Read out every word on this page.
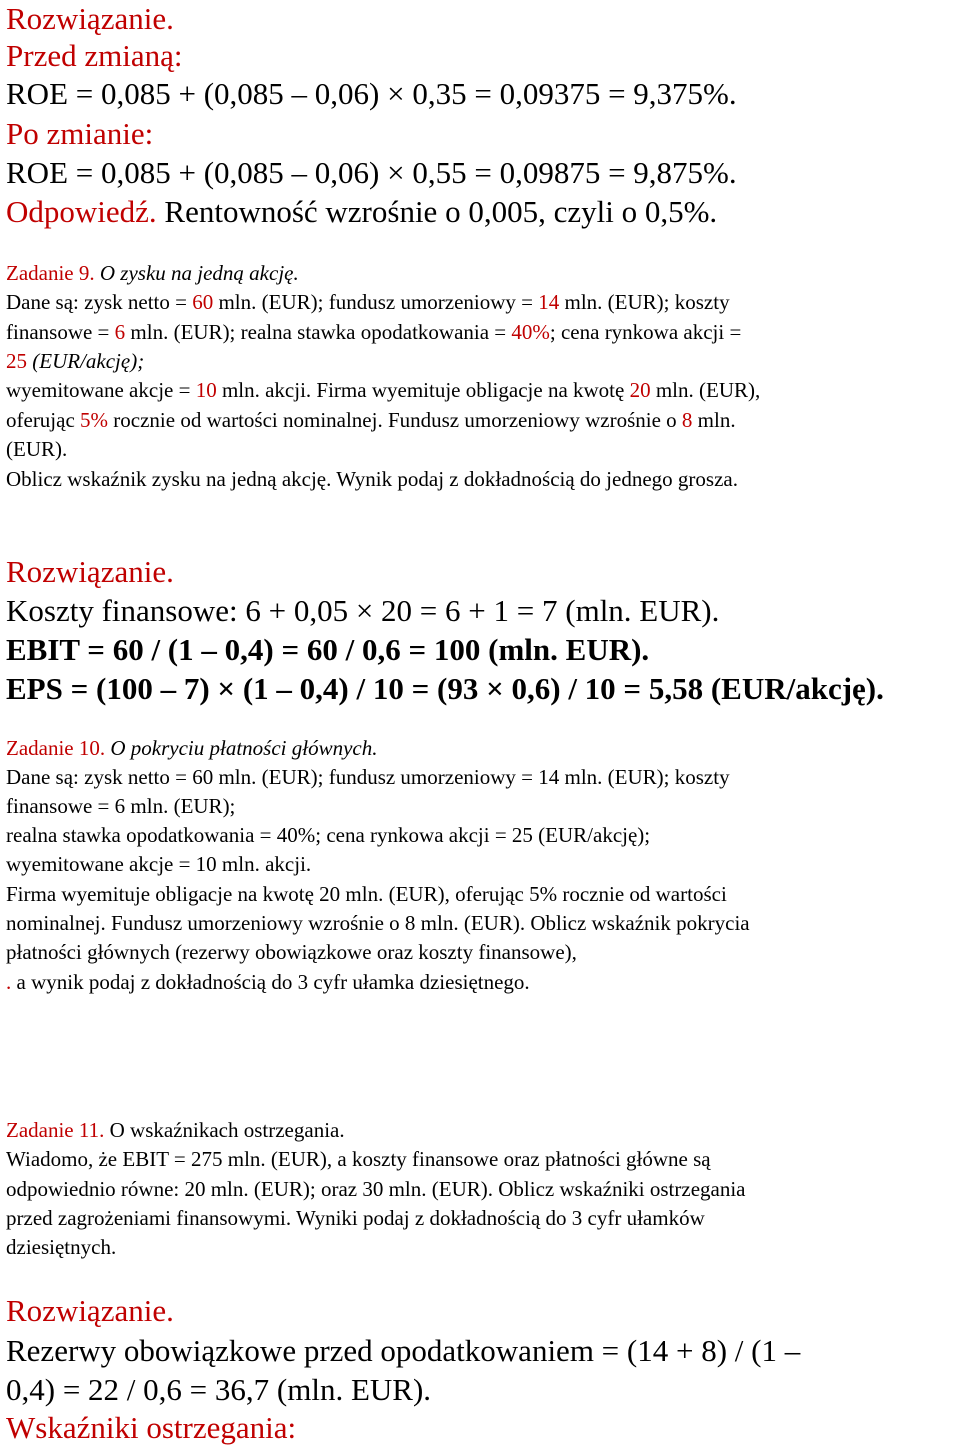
Rozwiązanie.
Przed zmianą:
ROE = 0,085 + (0,085 – 0,06) × 0,35 = 0,09375 = 9,375%.
Po zmianie:
ROE = 0,085 + (0,085 – 0,06) × 0,55 = 0,09875 = 9,875%.
Odpowiedź. Rentowność wzrośnie o 0,005, czyli o 0,5%.
Zadanie 9. O zysku na jedną akcję.
Dane są: zysk netto = 60 mln. (EUR); fundusz umorzeniowy = 14 mln. (EUR); koszty
finansowe = 6 mln. (EUR); realna stawka opodatkowania = 40%; cena rynkowa akcji =
25 (EUR/akcję);
wyemitowane akcje = 10 mln. akcji. Firma wyemituje obligacje na kwotę 20 mln. (EUR),
oferując 5% rocznie od wartości nominalnej. Fundusz umorzeniowy wzrośnie o 8 mln.
(EUR).
Oblicz wskaźnik zysku na jedną akcję. Wynik podaj z dokładnością do jednego grosza.
Rozwiązanie.
Koszty finansowe: 6 + 0,05 × 20 = 6 + 1 = 7 (mln. EUR).
EBIT = 60 / (1 – 0,4) = 60 / 0,6 = 100 (mln. EUR).
EPS = (100 – 7) × (1 – 0,4) / 10 = (93 × 0,6) / 10 = 5,58 (EUR/akcję).
Zadanie 10. O pokryciu płatności głównych.
Dane są: zysk netto = 60 mln. (EUR); fundusz umorzeniowy = 14 mln. (EUR); koszty
finansowe = 6 mln. (EUR);
realna stawka opodatkowania = 40%; cena rynkowa akcji = 25 (EUR/akcję);
wyemitowane akcje = 10 mln. akcji.
Firma wyemituje obligacje na kwotę 20 mln. (EUR), oferując 5% rocznie od wartości
nominalnej. Fundusz umorzeniowy wzrośnie o 8 mln. (EUR). Oblicz wskaźnik pokrycia
płatności głównych (rezerwy obowiązkowe oraz koszty finansowe),
. a wynik podaj z dokładnością do 3 cyfr ułamka dziesiętnego.
Zadanie 11. O wskaźnikach ostrzegania.
Wiadomo, że EBIT = 275 mln. (EUR), a koszty finansowe oraz płatności główne są
odpowiednio równe: 20 mln. (EUR); oraz 30 mln. (EUR). Oblicz wskaźniki ostrzegania
przed zagrożeniami finansowymi. Wyniki podaj z dokładnością do 3 cyfr ułamków
dziesiętnych.
Rozwiązanie.
Rezerwy obowiązkowe przed opodatkowaniem = (14 + 8) / (1 –
0,4) = 22 / 0,6 = 36,7 (mln. EUR).
Wskaźniki ostrzegania:
